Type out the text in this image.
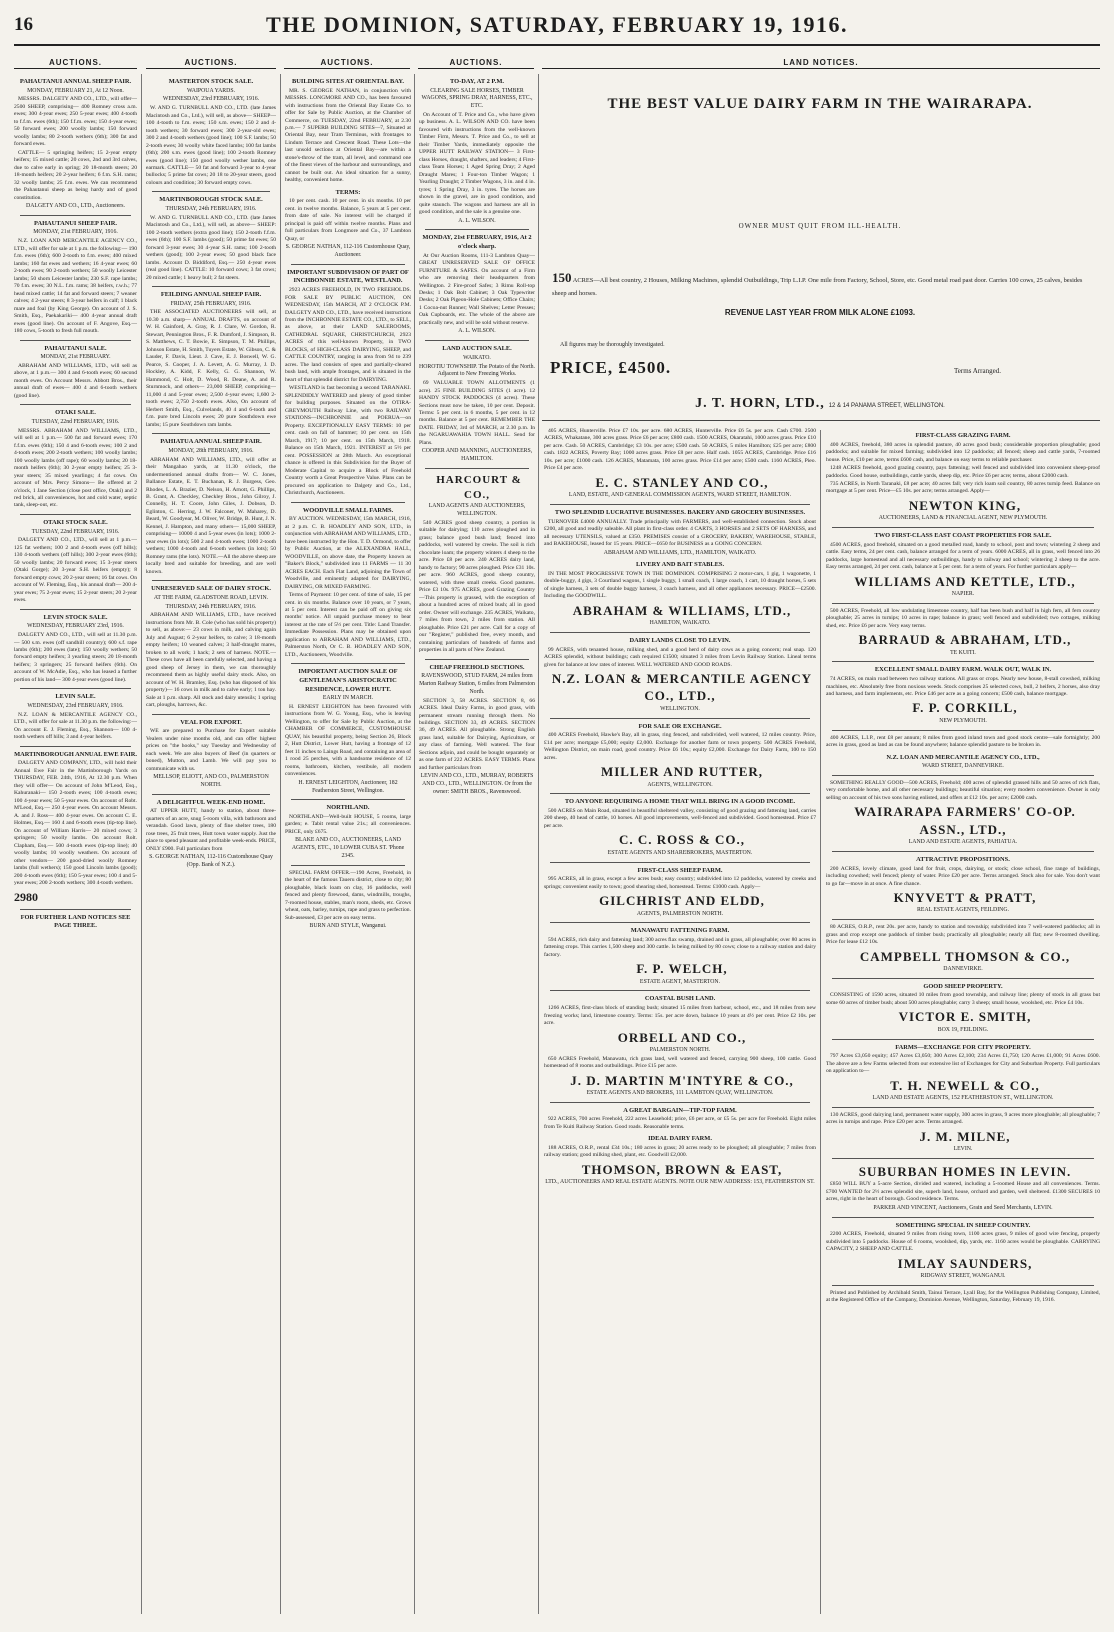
16	THE DOMINION, SATURDAY, FEBRUARY 19, 1916.
AUCTIONS.	AUCTIONS.	AUCTIONS.	AUCTIONS.	LAND NOTICES.

PAHAUTANUI ANNUAL SHEEP FAIR.

MONDAY, FEBRUARY 21, At 12 Noon.

MESSRS. DALGETY AND CO., LTD., will offer— 2500 SHEEP, comprising— 400 Romney cross a.m. ewes; 300 4-year ewes; 250 5-year ewes; 400 4-tooth to f.f.m. ewes (6th); 150 f.f.m. ewes; 150 4-year ewes; 50 forward ewes; 200 woolly lambs; 150 forward woolly lambs; 80 2-tooth wethers (6th); 300 fat and forward ewes.

CATTLE— 5 springing heifers; 15 2-year empty heifers; 15 mixed cattle; 20 cows, 2nd and 3rd calves, due to calve early in spring; 20 18-month steers; 20 18-month heifers; 20 2-year heifers; 6 f.m. S.H. rams; 32 woolly lambs; 25 f.m. ewes. We can recommend the Pahautanui sheep as being hardy and of good constitution.

DALGETY AND CO., LTD., Auctioneers.

PAHAUTANUI SHEEP FAIR.

MONDAY, 21st FEBRUARY, 1916.

N.Z. LOAN AND MERCANTILE AGENCY CO., LTD., will offer for sale at 1 p.m. the following:— 190 f.m. ewes (6th); 600 2-tooth to f.m. ewes; 400 mixed lambs; 160 fat ewes and wethers; 16 4-year ewes; 60 2-tooth ewes; 90 2-tooth wethers; 50 woolly Leicester lambs; 50 shorn Leicester lambs; 230 S.F. rape lambs; 70 f.m. ewes; 30 N.L. f.m. rams; 38 heifers, r.w.h.; 77 head mixed cattle; 14 fat and forward steers; 7 weaner calves; 4 2-year steers; 8 3-year heifers in calf; 1 black mare and foal (by King George). On account of J. S. Smith, Esq., Paekakariki— 400 4-year annual draft ewes (good line). On account of F. Angove, Esq.— 180 cows, 5-tooth to fresh full mouth.

PAHAUTANUI SALE.

MONDAY, 21st FEBRUARY.

ABRAHAM AND WILLIAMS, LTD., will sell as above, at 1 p.m.— 300 4 and 6-tooth ewes; 60 second month ewes. On Account Messrs. Abbott Bros., their annual draft of ewes— 400 4 and 6-tooth wethers (good line).

OTAKI SALE.

TUESDAY, 22nd FEBRUARY, 1916.

MESSRS. ABRAHAM AND WILLIAMS, LTD., will sell at 1 p.m.— 500 fat and forward ewes; 170 f.f.m. ewes (6th); 150 4 and 6-tooth ewes; 100 2 and 4-tooth ewes; 200 2-tooth wethers; 100 woolly lambs; 100 woolly lambs (off rape); 60 woolly lambs; 20 18-month heifers (6th); 30 2-year empty heifers; 25 3-year steers; 35 mixed yearlings; 4 fat cows. On account of Mrs. Percy Simons— Be offered at 2 o'clock, 1 Jane Section (close post office, Otaki) and 2 red brick, all conveniences, hot and cold water, septic tank, sleep-out, etc.

OTAKI STOCK SALE.

TUESDAY, 22nd FEBRUARY, 1916.

DALGETY AND CO., LTD., will sell at 1 p.m.— 125 fat wethers; 100 2 and 4-tooth ewes (off hills); 130 4-tooth wethers (off hills); 300 2-year ewes (6th); 50 woolly lambs; 20 forward ewes; 15 3-year steers (Otaki Gorge); 20 3-year S.H. heifers (empty); 8 forward empty cows; 20 2-year steers; 16 fat cows. On account of W. Fleming, Esq., his annual draft— 200 4-year ewes; 75 2-year ewes; 15 2-year steers; 20 2-year ewes.

LEVIN STOCK SALE.

WEDNESDAY, FEBRUARY 23rd, 1916.

DALGETY AND CO., LTD., will sell at 11.30 p.m.— 500 s.m. ewes (off sandhill country); 600 s.f. rape lambs (6th); 200 ewes (late); 150 woolly wethers; 50 forward empty heifers; 3 yearling steers; 20 18-month heifers; 3 springers; 25 forward heifers (6th). On account of W. McAdie, Esq., who has leased a further portion of his land— 300 4-year ewes (good line).

LEVIN SALE.

WEDNESDAY, 23rd FEBRUARY, 1916.

N.Z. LOAN & MERCANTILE AGENCY CO., LTD., will offer for sale at 11.30 p.m. the following:— On account E. J. Fleming, Esq., Shannon— 100 4-tooth wethers off hills; 3 and 4-year heifers.

MARTINBOROUGH ANNUAL EWE FAIR.

DALGETY AND COMPANY, LTD., will hold their Annual Ewe Fair in the Martinborough Yards on THURSDAY, FEB. 24th, 1916, At 12.30 p.m. When they will offer— On account of John M'Leod, Esq., Kahuranaki— 150 2-tooth ewes; 100 4-tooth ewes; 100 4-year ewes; 50 5-year ewes. On account of Robt. M'Leod, Esq.— 250 4-year ewes. On account Messrs. A. and J. Ross— 400 4-year ewes. On account C. E. Holmes, Esq.— 160 4 and 6-tooth ewes (tip-top line). On account of William Harris— 20 mixed cows; 3 springers; 50 woolly lambs. On account Rolt. Clapham, Esq.— 500 4-tooth ewes (tip-top line); 40 woolly lambs; 10 woolly weathers. On account of other vendors— 200 good-dried woolly Romney lambs (full wethers); 150 good Lincoln lambs (good); 200 4-tooth ewes (6th); 150 5-year ewes; 100 4 and 5-year ewes; 200 2-tooth wethers; 300 4-tooth wethers.

2980

FOR FURTHER LAND NOTICES SEE PAGE THREE.

MASTERTON STOCK SALE.

WAIPOUA YARDS.

WEDNESDAY, 23rd FEBRUARY, 1916.

W. AND G. TURNBULL AND CO., LTD. (late James Macintosh and Co., Ltd.), will sell, as above— SHEEP— 100 4-tooth to f.m. ewes; 150 s.m. ewes; 150 2 and 4-tooth wethers; 30 forward ewes; 300 2-year-old ewes; 300 2 and 4-tooth wethers (good line); 100 S.F. lambs; 50 2-tooth ewes; 30 woolly white faced lambs; 100 fat lambs (6th); 200 s.m. ewes (good line); 100 2-tooth Romney ewes (good line); 150 good woolly wether lambs, one earmark. CATTLE— 50 fat and forward 3-year to 4-year bullocks; 5 prime fat cows; 20 18 to 20-year steers, good colours and condition; 30 forward empty cows.

MARTINBOROUGH STOCK SALE.

THURSDAY, 24th FEBRUARY, 1916.

W. AND G. TURNBULL AND CO., LTD. (late James Macintosh and Co., Ltd.), will sell, as above— SHEEP: 100 2-tooth wethers (extra good line); 150 2-tooth f.f.m. ewes (6th); 100 S.F. lambs (good); 50 prime fat ewes; 50 forward 3-year ewes; 30 4-year S.H. rams; 100 2-tooth wethers (good); 100 2-year ewes; 50 good black face lambs. Account D. Biddiford, Esq.— 250 4-year ewes (real good line). CATTLE: 10 forward cows; 3 fat cows; 20 mixed cattle; 1 heavy bull; 2 fat steers.

FEILDING ANNUAL SHEEP FAIR.

FRIDAY, 25th FEBRUARY, 1916.

THE ASSOCIATED AUCTIONEERS will sell, at 10.30 a.m. sharp— ANNUAL DRAFTS, on account of W. H. Gainford, A. Gray, R. J. Clare, W. Gordon, R. Stewart, Pennington Bros., F. R. Dumford, J. Simpson, R. S. Matthews, C. T. Bowie, E. Simpson, T. M. Phillips, Johnson Estate, H. Smith, Tuyers Estate, W. Gibson, C. & Lauder, F. Davis, Lieut. J. Cave, E. J. Boswell, W. G. Pearce, S. Cooper, J. A. Levett, A. G. Murray, J. D. Hockley, A. Kidd, F. Kelly, G. G. Shannon, W. Hammond, C. Holt, D. Wood, R. Deane, A. and R. Sturnmock, and others— 23,000 SHEEP, comprising— 11,000 4 and 5-year ewes; 2,500 4-year ewes; 1,600 2-tooth ewes; 2,750 2-tooth ewes. Also, On account of Herbert Smith, Esq., Culvelands, 40 4 and 6-tooth and f.m. pure bred Lincoln ewes; 20 pure Southdown ewe lambs; 15 pure Southdown ram lambs.

PAHIATUA ANNUAL SHEEP FAIR.

MONDAY, 28th FEBRUARY, 1916.

ABRAHAM AND WILLIAMS, LTD., will offer at their Mangahao yards, at 11.30 o'clock, the undermentioned annual drafts from— W. C. Jones, Ballance Estate, E. T. Buchanan, R. J. Burgess, Geo. Rhodes, L. A. Brazier, D. Nelson, H. Arnott, G. Phillips, B. Grant, A. Checkley, Checkley Bros., John Gilroy, J. Connelly, H. T. Coore, John Giles, J. Dobson, D. Eglinton, C. Herring, J. W. Falconer, W. Maharey, D. Beard, W. Goodyear, M. Oliver, W. Bridge, B. Hunt, J. N. Kennel, J. Hampton, and many others— 15,000 SHEEP, comprising— 10000 4 and 5-year ewes (in lots); 1000 2-year ewes (in lots); 500 2 and 4-tooth ewes; 1000 2-tooth wethers; 1000 4-tooth and 6-tooth wethers (in lots); 50 Romney rams (the lots). NOTE.—All the above sheep are locally bred and suitable for breeding, and are well known.

UNRESERVED SALE OF DAIRY STOCK.

AT THE FARM, GLADSTONE ROAD, LEVIN.

THURSDAY, 24th FEBRUARY, 1916.

ABRAHAM AND WILLIAMS, LTD., have received instructions from Mr. B. Cole (who has sold his property) to sell, as above:— 23 cows in milk, and calving again July and August; 6 2-year heifers, to calve; 3 18-month empty heifers; 10 weaned calves; 3 half-draught mares, broken to all work; 1 hack; 2 sets of harness. NOTE.—These cows have all been carefully selected, and having a good sheep of Jersey in them, we can thoroughly recommend them as highly useful dairy stock. Also, on account of W. H. Bramley, Esq. (who has disposed of his property)— 16 cows in milk and to calve early; 1 ton hay. Sale at 1 p.m. sharp. All stock and dairy utensils; 1 spring cart, ploughs, harrows, &c.

VEAL FOR EXPORT.

WE are prepared to Purchase for Export suitable Vealers under nine months old, and can offer highest prices on "the hooks," say Tuesday and Wednesday of each week. We are also buyers of Beef (in quarters or boned), Mutton, and Lamb. We will pay you to communicate with us.

MELLSOP, ELIOTT, AND CO., PALMERSTON NORTH.

A DELIGHTFUL WEEK-END HOME.

AT UPPER HUTT, handy to station, about three-quarters of an acre, snug 5-room villa, with bathroom and verandah. Good lawn, plenty of fine shelter trees, 180 rose trees, 25 fruit trees, Hutt town water supply. Just the place to spend pleasant and profitable week-ends. PRICE, ONLY £900. Full particulars from

S. GEORGE NATHAN, 112-116 Customhouse Quay (Opp. Bank of N.Z.).

BUILDING SITES AT ORIENTAL BAY.

MR. S. GEORGE NATHAN, in conjunction with MESSRS. LONGMORE AND CO., has been favoured with instructions from the Oriental Bay Estate Co. to offer for Sale by Public Auction, at the Chamber of Commerce, on TUESDAY, 22nd FEBRUARY, at 2.30 p.m.— 7 SUPERB BUILDING SITES—7, Situated at Oriental Bay, near Tram Terminus, with frontages to Lindum Terrace and Crescent Road. These Lots—the last unsold sections at Oriental Bay—are within a stone's-throw of the tram, all level, and command one of the finest views of the harbour and surroundings, and cannot be built out. An ideal situation for a sunny, healthy, convenient home.

TERMS:

10 per cent. cash. 10 per cent. in six months. 10 per cent. in twelve months. Balance, 5 years at 5 per cent. from date of sale. No interest will be charged if principal is paid off within twelve months. Plans and full particulars from Longmore and Co., 37 Lambton Quay, or

S. GEORGE NATHAN, 112-116 Customhouse Quay, Auctioneer.

IMPORTANT SUBDIVISION OF PART OF INCHBONNIE ESTATE, WESTLAND.

2923 ACRES FREEHOLD, IN TWO FREEHOLDS. FOR SALE BY PUBLIC AUCTION, ON WEDNESDAY, 15th MARCH, AT 2 O'CLOCK P.M. DALGETY AND CO., LTD., have received instructions from the INCHBONNIE ESTATE CO., LTD., to SELL, as above, at their LAND SALEROOMS, CATHEDRAL SQUARE, CHRISTCHURCH, 2923 ACRES of this well-known Property, in TWO BLOCKS, of HIGH-CLASS DAIRYING, SHEEP, and CATTLE COUNTRY, ranging in area from 94 to 239 acres. The land consists of open and partially-cleared bush land, with ample frontages, and is situated in the heart of that splendid district for DAIRYING.

WESTLAND is fast becoming a second TARANAKI. SPLENDIDLY WATERED and plenty of good timber for building purposes. Situated on the OTIRA-GREYMOUTH Railway Line, with two RAILWAY STATIONS—INCHBONNIE and POERUA—on Property. EXCEPTIONALLY EASY TERMS: 10 per cent. cash on fall of hammer; 10 per cent. on 15th March, 1917; 10 per cent. on 15th March, 1918. Balance on 15th March, 1921. INTEREST at 5½ per cent. POSSESSION at 28th March. An exceptional chance is offered in this Subdivision for the Buyer of Moderate Capital to acquire a Block of Freehold Country worth a Great Prospective Value. Plans can be procured on application to Dalgety and Co., Ltd., Christchurch, Auctioneers.

WOODVILLE SMALL FARMS.

BY AUCTION. WEDNESDAY, 15th MARCH, 1916, at 2 p.m. C. B. HOADLEY AND SON, LTD., in conjunction with ABRAHAM AND WILLIAMS, LTD., have been instructed by the Hon. T. D. Ormond, to offer by Public Auction, at the ALEXANDRA HALL, WOODVILLE, on above date, the Property known as "Baker's Block," subdivided into 11 FARMS — 11 30 ACRES EACH. Each Flat Land, adjoining the Town of Woodville, and eminently adapted for DAIRYING, DAIRYING, OR MIXED FARMING.

Terms of Payment: 10 per cent. of time of sale, 15 per cent. in six months. Balance over 10 years, or 7 years, at 5 per cent. Interest can be paid off on giving six months' notice. All unpaid purchase money to bear interest at the rate of 5½ per cent. Title: Land Transfer. Immediate Possession. Plans may be obtained upon application to ABRAHAM AND WILLIAMS, LTD., Palmerston North, Or C. B. HOADLEY AND SON, LTD., Auctioneers, Woodville.

IMPORTANT AUCTION SALE OF GENTLEMAN'S ARISTOCRATIC RESIDENCE, LOWER HUTT.

EARLY IN MARCH.

H. ERNEST LEIGHTON has been favoured with instructions from W. G. Young, Esq., who is leaving Wellington, to offer for Sale by Public Auction, at the CHAMBER OF COMMERCE, CUSTOMHOUSE QUAY, his beautiful property, being Section 26, Block 2, Hutt District, Lower Hutt, having a frontage of 12 feet 11 inches to Laings Road, and containing an area of 1 rood 25 perches, with a handsome residence of 12 rooms, bathroom, kitchen, vestibule, all modern conveniences.

H. ERNEST LEIGHTON, Auctioneer, 182 Featherston Street, Wellington.

NORTHLAND.

NORTHLAND—Well-built HOUSE, 5 rooms, large garden; e. Tabit rental value 21s.; all conveniences. PRICE, only £675.

BLAKE AND CO., AUCTIONEERS, LAND AGENTS, ETC., 10 LOWER CUBA ST. 'Phone 2345.

SPECIAL FARM OFFER.—190 Acres, Freehold, in the heart of the famous Taueru district, close to city; 80 ploughable, black loam on clay, 16 paddocks, well fenced and plenty firewood, dams, windmills, troughs, 7-roomed house, stables, man's room, sheds, etc. Grows wheat, oats, barley, turnips, rape and grass to perfection. Sub-assessed, £3 per acre on easy terms.

BURN AND STYLE, Wanganui.

TO-DAY, AT 2 P.M.

CLEARING SALE HORSES, TIMBER WAGONS, SPRING DRAY, HARNESS, ETC., ETC.

On Account of T. Price and Co., who have given up business. A. L. WILSON AND CO. have been favoured with instructions from the well-known Timber Firm, Messrs. T. Price and Co., to sell at their Timber Yards, immediately opposite the UPPER HUTT RAILWAY STATION— 3 First-class Horses, draught, shafters, and leaders; 4 First-class Team Horses; 1 Aged Spring Dray; 2 Aged Draught Mares; 1 Four-ton Timber Wagon; 1 Yearling Draught; 2 Timber Wagons, 3 in. and 4 in. tyres; 1 Spring Dray, 3 in. tyres. The horses are shown in the gravel, are in good condition, and quite staunch. The wagons and harness are all in good condition, and the sale is a genuine one.

A. L. WILSON.

MONDAY, 21st FEBRUARY, 1916, At 2 o'clock sharp.

At Our Auction Rooms, 111-3 Lambton Quay—GREAT UNRESERVED SALE OF OFFICE FURNITURE & SAFES. On account of a Firm who are removing their headquarters from Wellington. 2 Fire-proof Safes; 3 Rimu Roll-top Desks; 1 Oak Bolt Cabinet; 3 Oak Typewriter Desks; 2 Oak Pigeon-Hole Cabinets; Office Chairs; 1 Cocoa-nut Runner; Wall Shelves; Letter Presses; Oak Cupboards, etc. The whole of the above are practically new, and will be sold without reserve.

A. L. WILSON.

LAND AUCTION SALE.

WAIKATO.

HOROTIU TOWNSHIP. The Potato of the North. Adjacent to New Freezing Works.

69 VALUABLE TOWN ALLOTMENTS (1 acre). 25 FINE BUILDING SITES (1 acre). 12 HANDY STOCK PADDOCKS (4 acres). These Sections must now be taken, 10 per cent. Deposit. Terms: 5 per cent. in 6 months, 5 per cent. in 12 months. Balance at 5 per cent. REMEMBER THE DATE. FRIDAY, 3rd of MARCH, at 2.30 p.m. In the NGARUAWAHIA TOWN HALL. Send for Plans.

COOPER AND MANNING, AUCTIONEERS, HAMILTON.

HARCOURT & CO.,

LAND AGENTS AND AUCTIONEERS, WELLINGTON.

540 ACRES good sheep country, a portion is suitable for dairying; 110 acres ploughed and in grass; balance good bush land; fenced into paddocks, well watered by creeks. The soil is rich chocolate loam; the property winters 4 sheep to the acre. Price £8 per acre. 240 ACRES dairy land, handy to factory; 90 acres ploughed. Price £31 10s. per acre. 960 ACRES, good sheep country, watered, with three small creeks. Good pastures. Price £3 10s. 975 ACRES, good Grazing Country—This property is grassed, with the exception of about a hundred acres of mixed bush; all in good order. Owner will exchange. 235 ACRES, Waikato, 7 miles from town, 2 miles from station. All ploughable. Price £21 per acre. Call for a copy of our "Register," published free, every month, and containing particulars of hundreds of farms and properties in all parts of New Zealand.

CHEAP FREEHOLD SECTIONS.

RAVENSWOOD, STUD FARM, 24 miles from Marton Railway Station, 6 miles from Palmerston North.

SECTION 3, 58 ACRES. SECTION 8, 66 ACRES. Ideal Dairy Farms, in good grass, with permanent stream running through them. No buildings. SECTION 33, 49 ACRES. SECTION 36, 49 ACRES. All ploughable. Strong English grass land, suitable for Dairying, Agriculture, or any class of farming. Well watered. The four Sections adjoin, and could be bought separately or as one farm of 222 ACRES. EASY TERMS. Plans and further particulars from

LEVIN AND CO., LTD., MURRAY, ROBERTS AND CO., LTD., WELLINGTON. Or from the owner: SMITH BROS., Ravenswood.

THE BEST VALUE DAIRY FARM IN THE WAIRARAPA.
OWNER MUST QUIT FROM ILL-HEALTH.
150 ACRES—All best country, 2 Houses, Milking Machines, splendid Outbuildings, Trip L.I.P. One mile from Factory, School, Store, etc. Good metal road past door. Carries 100 cows, 25 calves, besides sheep and horses.
REVENUE LAST YEAR FROM MILK ALONE £1093.
All figures may be thoroughly investigated.
PRICE, £4500.	Terms Arranged.
J. T. HORN, LTD., 12 & 14 PANAMA STREET, WELLINGTON.

405 ACRES, Hunterville. Price £7 10s. per acre. 680 ACRES, Hunterville. Price £6 5s. per acre. Cash £700. 2500 ACRES, Whakatane, 300 acres grass. Price £6 per acre; £800 cash. 1500 ACRES, Okaratahi, 1000 acres grass. Price £10 per acre. Cash. 50 ACRES, Cambridge; £3 10s. per acre; £500 cash. 50 ACRES, 5 miles Hamilton; £25 per acre; £800 cash. 1822 ACRES, Poverty Bay; 1000 acres grass. Price £8 per acre. Half cash. 1055 ACRES, Cambridge. Price £16 10s. per acre; £1000 cash. 126 ACRES, Matamata, 100 acres grass. Price £14 per acre; £500 cash. 1160 ACRES, Pieo. Price £4 per acre.

E. C. STANLEY AND CO.,

LAND, ESTATE, AND GENERAL COMMISSION AGENTS, WARD STREET, HAMILTON.

TWO SPLENDID LUCRATIVE BUSINESSES. BAKERY AND GROCERY BUSINESSES.

TURNOVER £4000 ANNUALLY. Trade principally with FARMERS, and well-established connection. Stock about £200, all good and readily saleable. All plant in first-class order. 4 CARTS, 3 HORSES and 2 SETS OF HARNESS, and all necessary UTENSILS, valued at £350. PREMISES consist of a GROCERY, BAKERY, WAREHOUSE, STABLE, and BAKEHOUSE, leased for 15 years. PRICE—£650 for BUSINESS as a GOING CONCERN.

ABRAHAM AND WILLIAMS, LTD., HAMILTON, WAIKATO.

LIVERY AND BAIT STABLES.

IN THE MOST PROGRESSIVE TOWN IN THE DOMINION. COMPRISING 2 motor-cars, 1 gig, 1 wagonette, 1 double-buggy, 4 gigs, 3 Courtland wagons, 1 single buggy, 1 small coach, 1 large coach, 1 cart, 10 draught horses, 5 sets of single harness, 3 sets of double buggy harness, 3 coach harness, and all other appliances necessary. PRICE—£2500. Including the GOODWILL.

ABRAHAM & WILLIAMS, LTD.,

HAMILTON, WAIKATO.

DAIRY LANDS CLOSE TO LEVIN.

99 ACRES, with tenanted house, milking shed, and a good herd of dairy cows as a going concern; real snap. 120 ACRES splendid, without buildings; cash required £1500; situated 3 miles from Levin Railway Station. Lineal terms given for balance at low rates of interest. WELL WATERED AND GOOD ROADS.

N.Z. LOAN & MERCANTILE AGENCY CO., LTD.,

WELLINGTON.

FOR SALE OR EXCHANGE.

400 ACRES Freehold, Hawke's Bay, all in grass, ring fenced, and subdivided, well watered, 12 miles country. Price, £14 per acre; mortgage £5,000; equity £2,000. Exchange for another farm or town property. 500 ACRES Freehold, Wellington District, on main road, good country. Price £6 10s.; equity £2,000. Exchange for Dairy Farm, 100 to 150 acres.

MILLER AND RUTTER,

AGENTS, WELLINGTON.

TO ANYONE REQUIRING A HOME THAT WILL BRING IN A GOOD INCOME.

500 ACRES on Main Road, situated in beautiful sheltered valley, consisting of good grazing and fattening land, carries 200 sheep, 40 head of cattle, 10 horses. All good improvements, well-fenced and subdivided. Good homestead. Price £7 per acre.

C. C. ROSS & CO.,

ESTATE AGENTS AND SHAREBROKERS, MASTERTON.

FIRST-CLASS SHEEP FARM.

995 ACRES, all in grass, except a few acres bush; easy country; subdivided into 12 paddocks, watered by creeks and springs; convenient easily to town; good shearing shed, homestead. Terms: £1000 cash. Apply—

GILCHRIST AND ELDD,

AGENTS, PALMERSTON NORTH.

MANAWATU FATTENING FARM.

594 ACRES, rich dairy and fattening land; 300 acres flax swamp, drained and in grass, all ploughable; over 80 acres in fattening crops. This carries 1,500 sheep and 300 cattle. Is being milked by 80 cows; close to a railway station and dairy factory.

F. P. WELCH,

ESTATE AGENT, MASTERTON.

COASTAL BUSH LAND.

1266 ACRES, first-class block of standing bush; situated 15 miles from harbour, school, etc., and 18 miles from new freezing works; land, limestone country. Terms: 15s. per acre down, balance 10 years at 4½ per cent. Price £2 10s. per acre.

ORBELL AND CO.,

PALMERSTON NORTH.

650 ACRES Freehold, Manawatu, rich grass land, well watered and fenced, carrying 900 sheep, 100 cattle. Good homestead of 8 rooms and outbuildings. Price £15 per acre.

J. D. MARTIN M'INTYRE & CO.,

ESTATE AGENTS AND BROKERS, 111 LAMBTON QUAY, WELLINGTON.

A GREAT BARGAIN—TIP-TOP FARM.

922 ACRES, 700 acres Freehold, 222 acres Leasehold; price, £6 per acre, or £5 5s. per acre for Freehold. Eight miles from Te Kuiti Railway Station. Good roads. Reasonable terms.

IDEAL DAIRY FARM.

188 ACRES, O.R.P., rental £34 10s.; 180 acres in grass; 20 acres ready to be ploughed; all ploughable; 7 miles from railway station; good milking shed, plant, etc. Goodwill £2,000.

THOMSON, BROWN & EAST,

LTD., AUCTIONEERS AND REAL ESTATE AGENTS. NOTE OUR NEW ADDRESS: 153, FEATHERSTON ST.

FIRST-CLASS GRAZING FARM.

400 ACRES, freehold, 380 acres in splendid pasture, 40 acres good bush; considerable proportion ploughable; good paddocks; and suitable for mixed farming; subdivided into 12 paddocks; all fenced; sheep and cattle yards, 7-roomed house. Price, £10 per acre, terms £600 cash, and balance on easy terms to reliable purchaser.

1248 ACRES freehold, good grazing country, pays fattening; well fenced and subdivided into convenient sheep-proof paddocks. Good house, outbuildings, cattle yards, sheep dip, etc. Price £6 per acre; terms, about £2000 cash.

735 ACRES, in North Taranaki, £8 per acre; 40 acres fall; very rich loam soil country, 80 acres turnip feed. Balance on mortgage at 5 per cent. Price—£5 10s. per acre; terms arranged. Apply—

NEWTON KING,

AUCTIONEERS, LAND & FINANCIAL AGENT, NEW PLYMOUTH.

TWO FIRST-CLASS EAST COAST PROPERTIES FOR SALE.

4500 ACRES, good freehold, situated on a good metalled road, handy to school, post and town; wintering 2 sheep and cattle. Easy terms, 24 per cent. cash, balance arranged for a term of years. 6000 ACRES, all in grass, well fenced into 26 paddocks, large homestead and all necessary outbuildings, handy to railway and school; wintering 2 sheep to the acre. Easy terms arranged, 24 per cent. cash, balance at 5 per cent. for a term of years. For further particulars apply—

WILLIAMS AND KETTLE, LTD.,

NAPIER.

500 ACRES, Freehold, all low undulating limestone country, half has been bush and half in high fern, all fern country ploughable; 25 acres in turnips; 10 acres in rape; balance in grass; well fenced and subdivided; two cottages, milking shed, etc. Price £6 per acre. Very easy terms.

BARRAUD & ABRAHAM, LTD.,

TE KUITI.

EXCELLENT SMALL DAIRY FARM. WALK OUT, WALK IN.

74 ACRES, on main road between two railway stations. All grass or crops. Nearly new house, 8-stall cowshed, milking machines, etc. Absolutely free from noxious weeds. Stock comprises 25 selected cows, bull, 2 heifers, 2 horses, also dray and harness, and farm implements, etc. Price £46 per acre as a going concern; £500 cash, balance mortgage.

F. P. CORKILL,

NEW PLYMOUTH.

400 ACRES, L.I.P., rent £8 per annum; 8 miles from good inland town and good stock centre—sale fortnightly; 200 acres in grass, good as land as can be found anywhere; balance splendid pasture to be broken in.

N.Z. LOAN AND MERCANTILE AGENCY CO., LTD.,

WARD STREET, DANNEVIRKE.

SOMETHING REALLY GOOD—500 ACRES, Freehold; 400 acres of splendid grassed hills and 50 acres of rich flats, very comfortable home, and all other necessary buildings; beautiful situation; every modern convenience. Owner is only selling on account of his two sons having enlisted, and offers at £12 10s. per acre; £2000 cash.

WAIRARAPA FARMERS' CO-OP. ASSN., LTD.,

LAND AND ESTATE AGENTS, PAHIATUA.

ATTRACTIVE PROPOSITIONS.

200 ACRES, lovely climate, good land for fruit, crops, dairying, or stock; close school, fine range of buildings, including cowshed; well fenced; plenty of water. Price £20 per acre. Terms arranged. Stock also for sale. You don't want to go far—move in at once. A fine chance.

KNYVETT & PRATT,

REAL ESTATE AGENTS, FEILDING.

80 ACRES, O.R.P., rent 20s. per acre, handy to station and township; subdivided into 7 well-watered paddocks; all in grass and crop except one paddock of timber bush; practically all ploughable; nearly all flat; new 8-roomed dwelling. Price for lease £12 10s.

CAMPBELL THOMSON & CO.,

DANNEVIRKE.

GOOD SHEEP PROPERTY.

CONSISTING of 1590 acres, situated 10 miles from good township, and railway line; plenty of stock in all grass but some 60 acres of timber bush; about 500 acres ploughable; carry 3 sheep; small house, woolshed, etc. Price £4 10s.

VICTOR E. SMITH,

BOX 19, FEILDING.

FARMS—EXCHANGE FOR CITY PROPERTY.

797 Acres £3,050 equity; 457 Acres £3,050; 300 Acres £2,100; 234 Acres £1,750; 120 Acres £1,000; 91 Acres £600. The above are a few Farms selected from our extensive list of Exchanges for City and Suburban Property. Full particulars on application to—

T. H. NEWELL & CO.,

LAND AND ESTATE AGENTS, 152 FEATHERSTON ST., WELLINGTON.

130 ACRES, good dairying land, permanent water supply, 300 acres in grass, 9 acres more ploughable; all ploughable; 7 acres in turnips and rape. Price £20 per acre. Terms arranged.

J. M. MILNE,

LEVIN.

SUBURBAN HOMES IN LEVIN.

£850 WILL BUY a 5-acre Section, divided and watered, including a 5-roomed House and all conveniences. Terms. £700 WANTED for 2½ acres splendid site, superb land, house, orchard and garden, well sheltered. £1300 SECURES 10 acres, right in the heart of borough. Good residence. Terms.

PARKER AND VINCENT, Auctioneers, Grain and Seed Merchants, LEVIN.

SOMETHING SPECIAL IN SHEEP COUNTRY.

2200 ACRES, Freehold, situated 9 miles from rising town, 1100 acres grass, 9 miles of good wire fencing, properly subdivided into 5 paddocks. House of 6 rooms, woolshed, dip, yards, etc. 1160 acres would be ploughable. CARRYING CAPACITY, 2 SHEEP AND CATTLE.

IMLAY SAUNDERS,

RIDGWAY STREET, WANGANUI.

Printed and Published by Archibald Smith, Tainui Terrace, Lyall Bay, for the Wellington Publishing Company, Limited, at the Registered Office of the Company, Dominion Avenue, Wellington, Saturday, February 19, 1916.
